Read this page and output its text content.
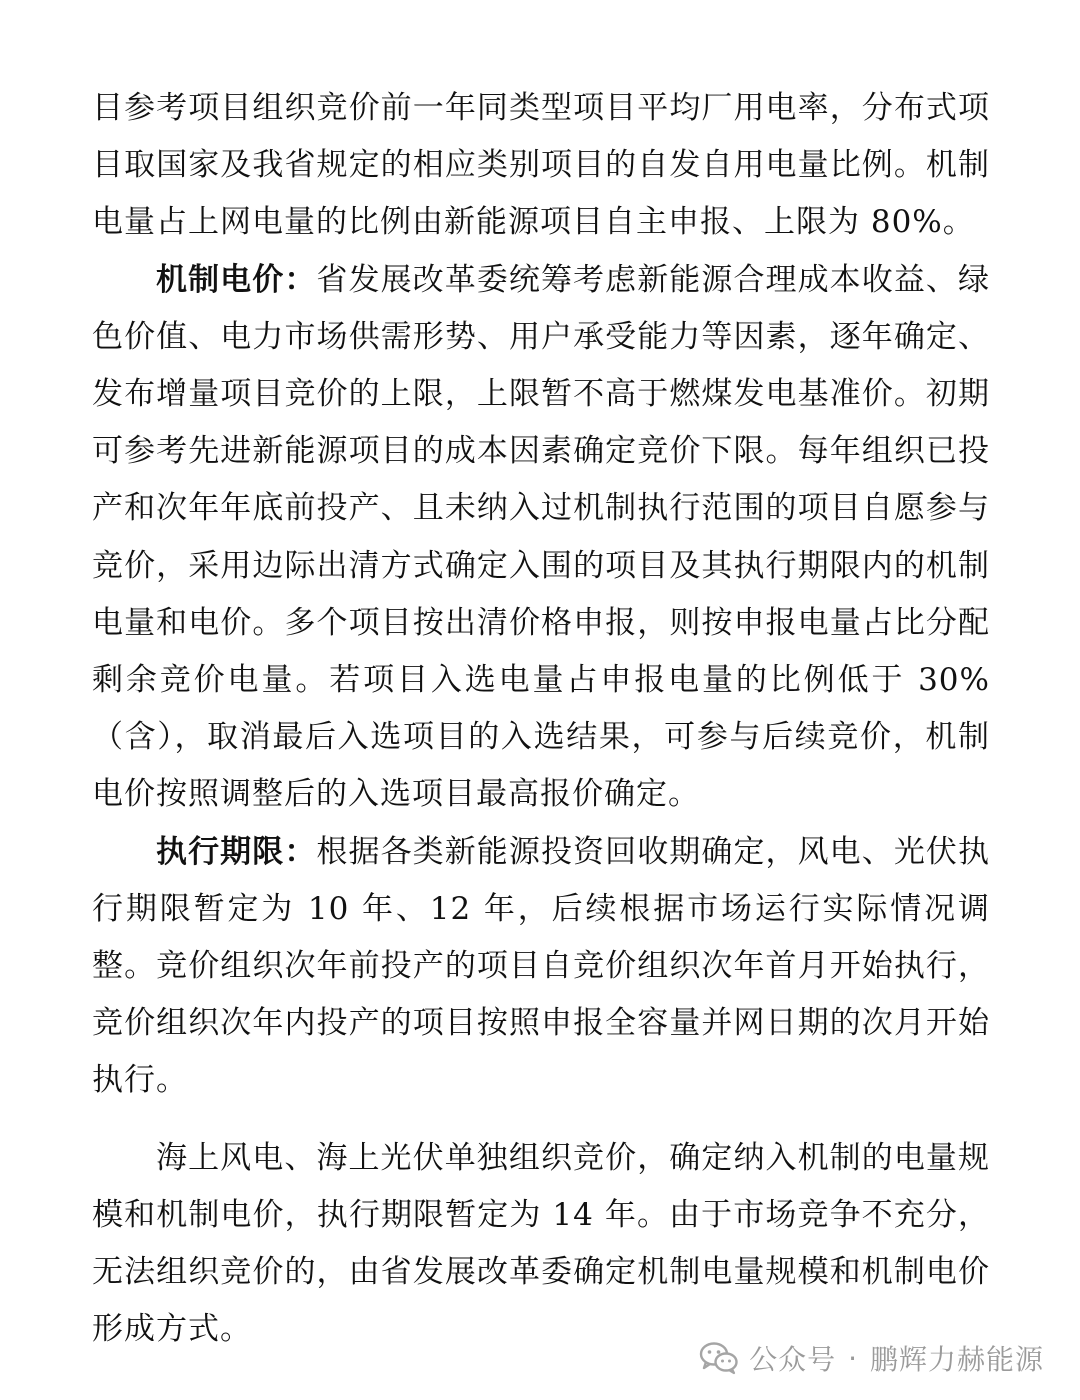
目参考项目组织竞价前一年同类型项目平均厂用电率，分布式项目取国家及我省规定的相应类别项目的自发自用电量比例。机制电量占上网电量的比例由新能源项目自主申报、上限为 80%。

机制电价：省发展改革委统筹考虑新能源合理成本收益、绿色价值、电力市场供需形势、用户承受能力等因素，逐年确定、发布增量项目竞价的上限，上限暂不高于燃煤发电基准价。初期可参考先进新能源项目的成本因素确定竞价下限。每年组织已投产和次年年底前投产、且未纳入过机制执行范围的项目自愿参与竞价，采用边际出清方式确定入围的项目及其执行期限内的机制电量和电价。多个项目按出清价格申报，则按申报电量占比分配剩余竞价电量。若项目入选电量占申报电量的比例低于 30%（含），取消最后入选项目的入选结果，可参与后续竞价，机制电价按照调整后的入选项目最高报价确定。

执行期限：根据各类新能源投资回收期确定，风电、光伏执行期限暂定为 10 年、12 年，后续根据市场运行实际情况调整。竞价组织次年前投产的项目自竞价组织次年首月开始执行，竞价组织次年内投产的项目按照申报全容量并网日期的次月开始执行。

海上风电、海上光伏单独组织竞价，确定纳入机制的电量规模和机制电价，执行期限暂定为 14 年。由于市场竞争不充分，无法组织竞价的，由省发展改革委确定机制电量规模和机制电价形成方式。

公众号 · 鹏辉力赫能源
